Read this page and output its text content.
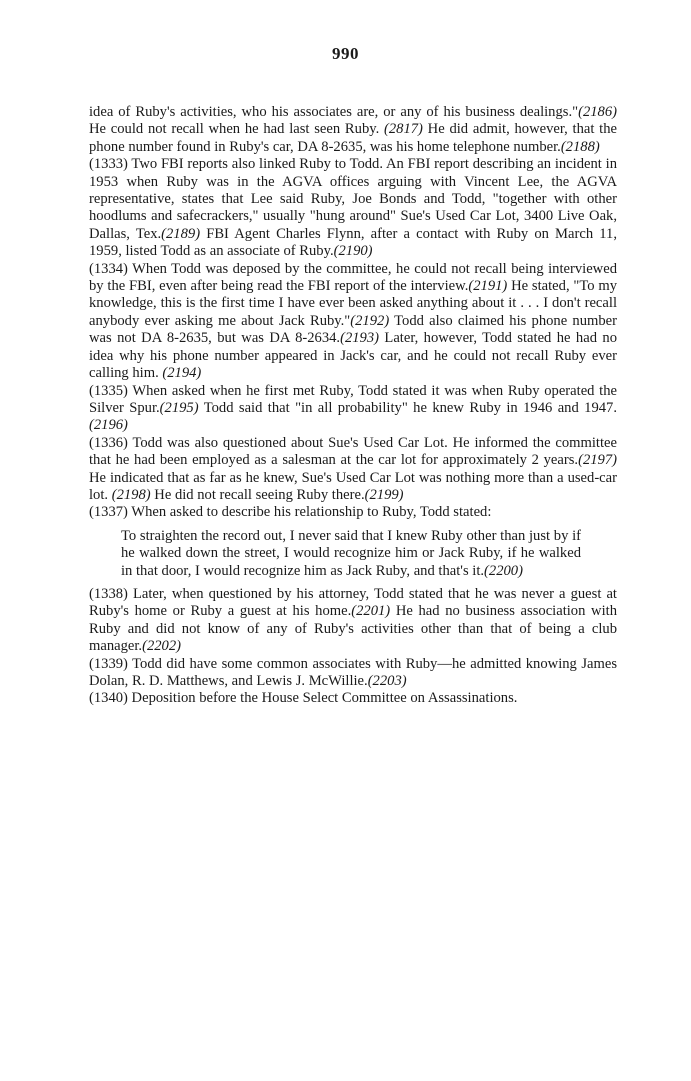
990

idea of Ruby's activities, who his associates are, or any of his business dealings."(2186) He could not recall when he had last seen Ruby. (2817) He did admit, however, that the phone number found in Ruby's car, DA 8-2635, was his home telephone number.(2188)

(1333) Two FBI reports also linked Ruby to Todd. An FBI report describing an incident in 1953 when Ruby was in the AGVA offices arguing with Vincent Lee, the AGVA representative, states that Lee said Ruby, Joe Bonds and Todd, "together with other hoodlums and safecrackers," usually "hung around" Sue's Used Car Lot, 3400 Live Oak, Dallas, Tex.(2189) FBI Agent Charles Flynn, after a contact with Ruby on March 11, 1959, listed Todd as an associate of Ruby.(2190)

(1334) When Todd was deposed by the committee, he could not recall being interviewed by the FBI, even after being read the FBI report of the interview.(2191) He stated, "To my knowledge, this is the first time I have ever been asked anything about it . . . I don't recall anybody ever asking me about Jack Ruby."(2192) Todd also claimed his phone number was not DA 8-2635, but was DA 8-2634.(2193) Later, however, Todd stated he had no idea why his phone number appeared in Jack's car, and he could not recall Ruby ever calling him. (2194)

(1335) When asked when he first met Ruby, Todd stated it was when Ruby operated the Silver Spur.(2195) Todd said that "in all probability" he knew Ruby in 1946 and 1947.(2196)

(1336) Todd was also questioned about Sue's Used Car Lot. He informed the committee that he had been employed as a salesman at the car lot for approximately 2 years.(2197) He indicated that as far as he knew, Sue's Used Car Lot was nothing more than a used-car lot. (2198) He did not recall seeing Ruby there.(2199)

(1337) When asked to describe his relationship to Ruby, Todd stated:

To straighten the record out, I never said that I knew Ruby other than just by if he walked down the street, I would recognize him or Jack Ruby, if he walked in that door, I would recognize him as Jack Ruby, and that's it.(2200)

(1338) Later, when questioned by his attorney, Todd stated that he was never a guest at Ruby's home or Ruby a guest at his home.(2201) He had no business association with Ruby and did not know of any of Ruby's activities other than that of being a club manager.(2202)

(1339) Todd did have some common associates with Ruby—he admitted knowing James Dolan, R. D. Matthews, and Lewis J. McWillie.(2203)

(1340) Deposition before the House Select Committee on Assassinations.
